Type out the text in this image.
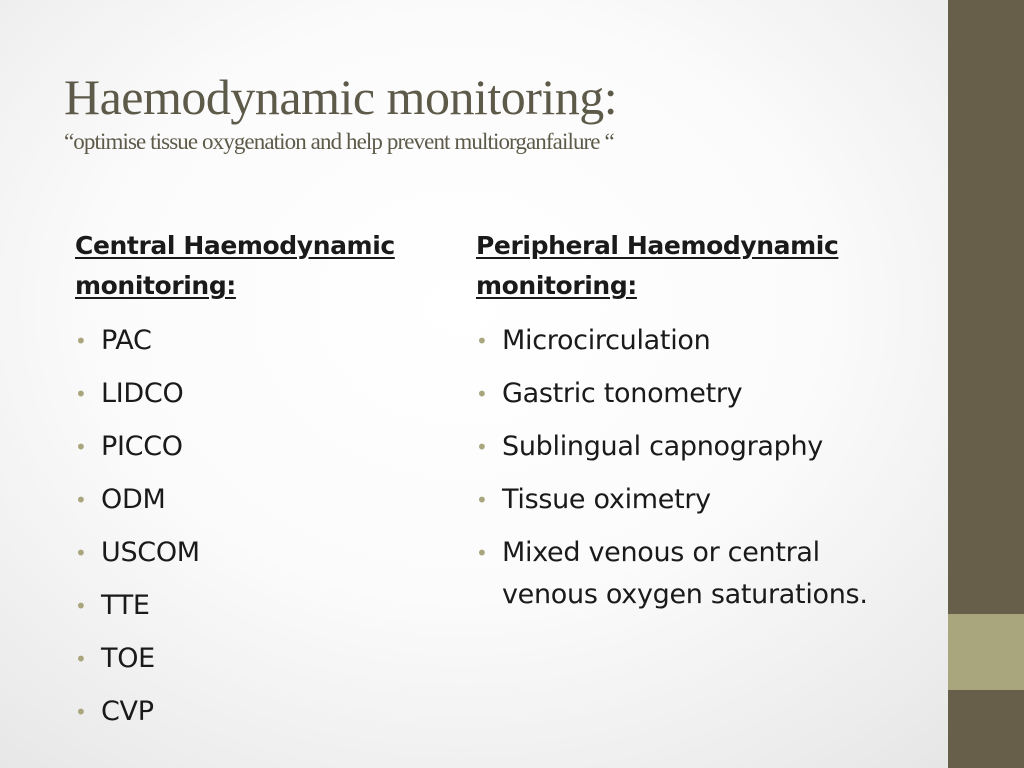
Haemodynamic monitoring:
“optimise tissue oxygenation and help prevent multiorganfailure “
Central Haemodynamic
monitoring:
• PAC
• LIDCO
• PICCO
• ODM
• USCOM
• TTE
• TOE
• CVP
Peripheral Haemodynamic
monitoring:
• Microcirculation
• Gastric tonometry
• Sublingual capnography
• Tissue oximetry
• Mixed venous or central venous oxygen saturations.
